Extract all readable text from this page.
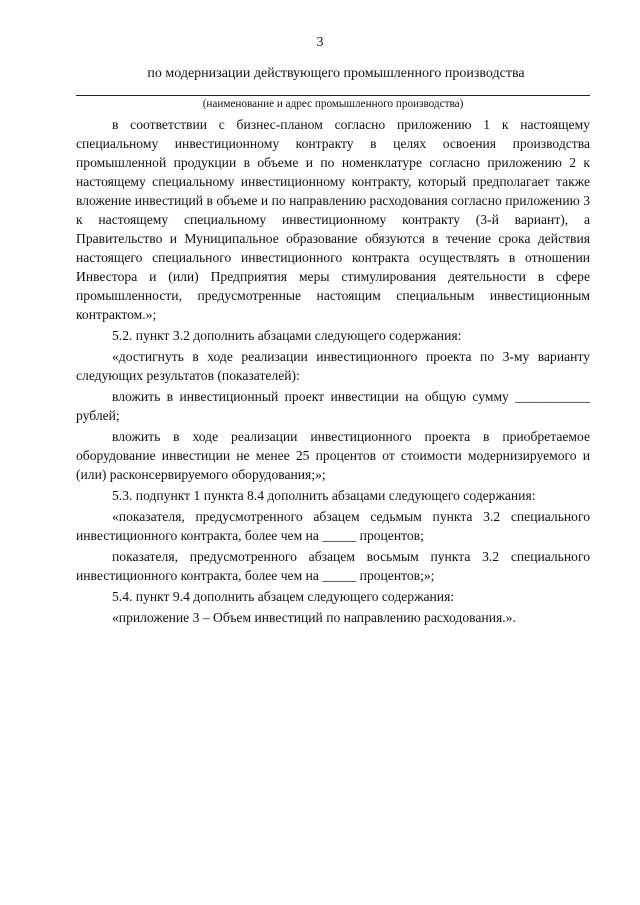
3
по модернизации действующего промышленного производства
(наименование и адрес промышленного производства)

в соответствии с бизнес-планом согласно приложению 1 к настоящему специальному инвестиционному контракту в целях освоения производства промышленной продукции в объеме и по номенклатуре согласно приложению 2 к настоящему специальному инвестиционному контракту, который предполагает также вложение инвестиций в объеме и по направлению расходования согласно приложению 3 к настоящему специальному инвестиционному контракту (3-й вариант), а Правительство и Муниципальное образование обязуются в течение срока действия настоящего специального инвестиционного контракта осуществлять в отношении Инвестора и (или) Предприятия меры стимулирования деятельности в сфере промышленности, предусмотренные настоящим специальным инвестиционным контрактом.»;

5.2. пункт 3.2 дополнить абзацами следующего содержания:

«достигнуть в ходе реализации инвестиционного проекта по 3-му варианту следующих результатов (показателей):

вложить в инвестиционный проект инвестиции на общую сумму ___________ рублей;

вложить в ходе реализации инвестиционного проекта в приобретаемое оборудование инвестиции не менее 25 процентов от стоимости модернизируемого и (или) расконсервируемого оборудования;»;

5.3. подпункт 1 пункта 8.4 дополнить абзацами следующего содержания:

«показателя, предусмотренного абзацем седьмым пункта 3.2 специального инвестиционного контракта, более чем на _____ процентов;

показателя, предусмотренного абзацем восьмым пункта 3.2 специального инвестиционного контракта, более чем на _____ процентов;»;

5.4. пункт 9.4 дополнить абзацем следующего содержания:

«приложение 3 – Объем инвестиций по направлению расходования.».
